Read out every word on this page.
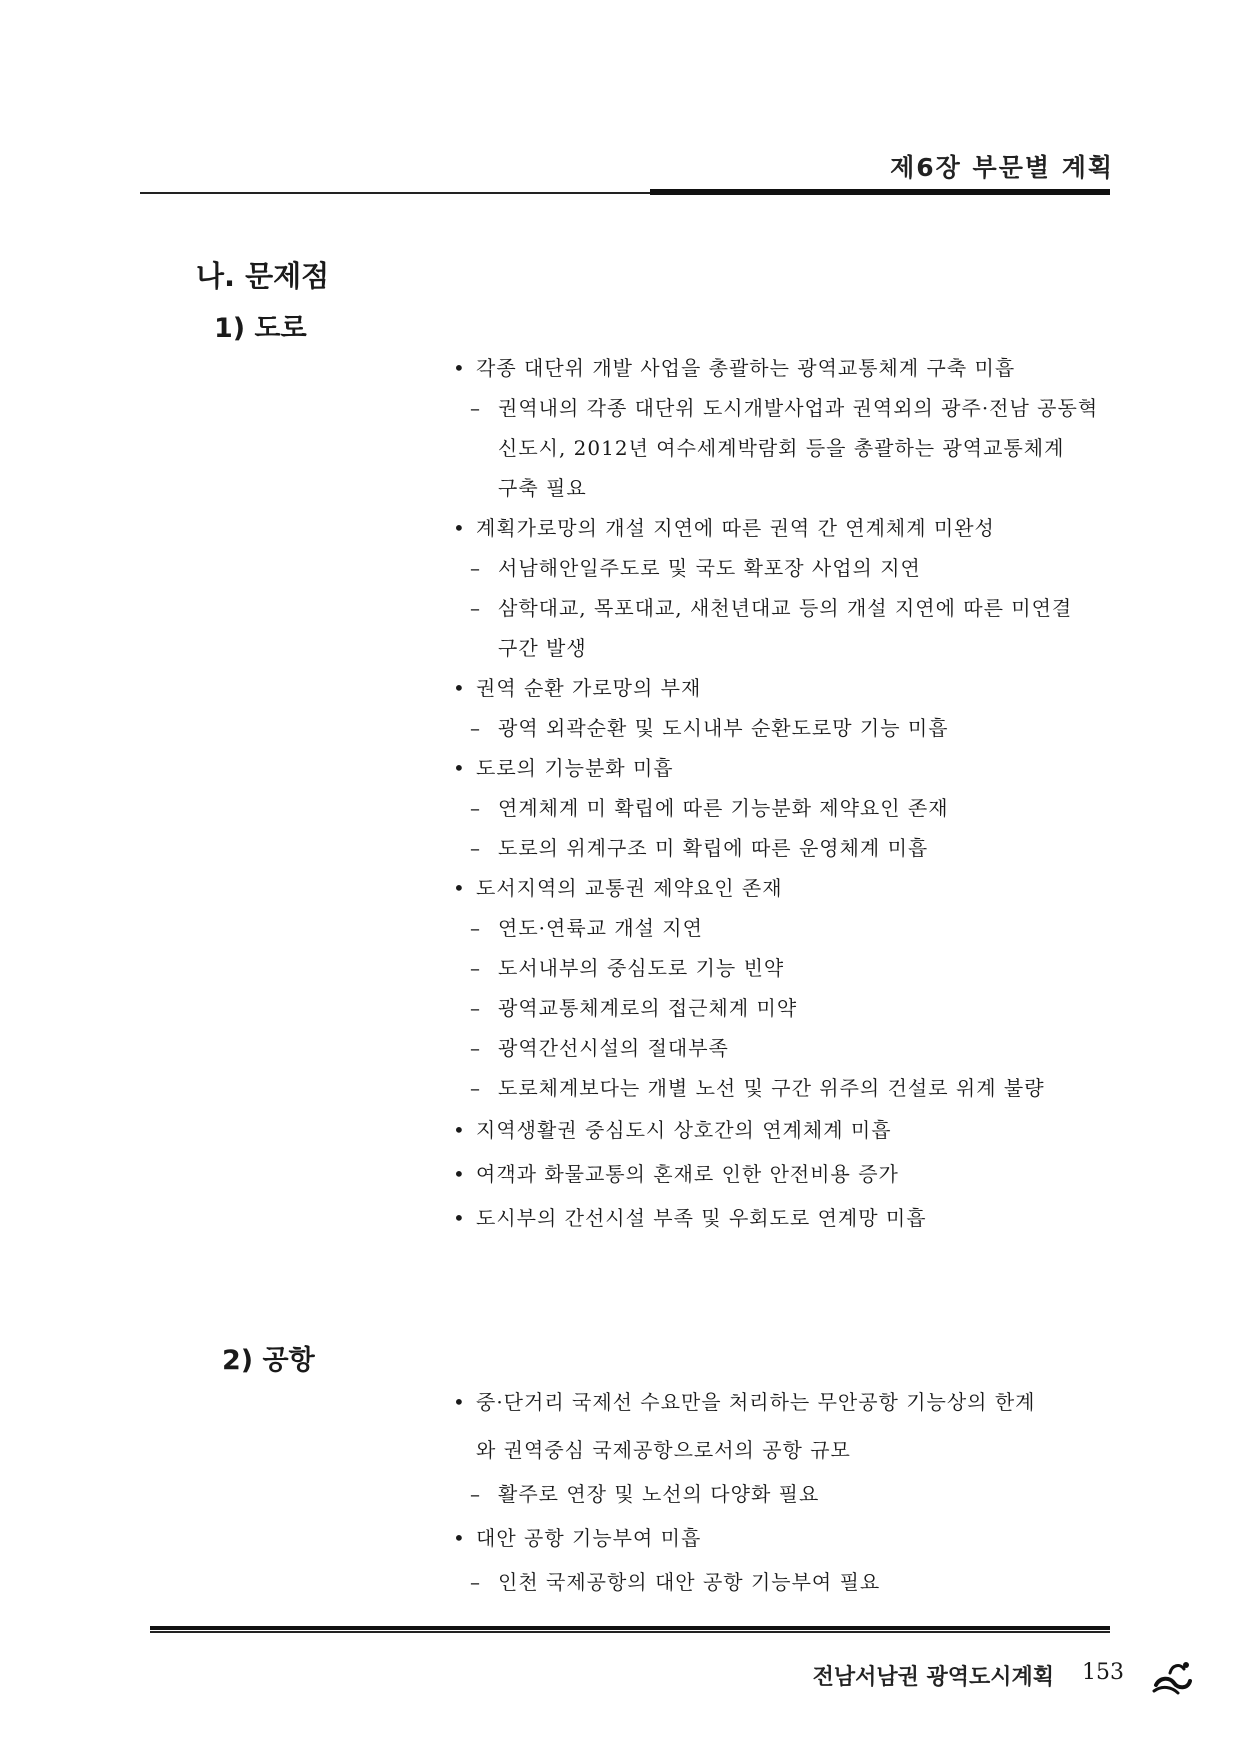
제6장 부문별 계획
나. 문제점
1) 도로
• 각종 대단위 개발 사업을 총괄하는 광역교통체계 구축 미흡
– 권역내의 각종 대단위 도시개발사업과 권역외의 광주·전남 공동혁
신도시, 2012년 여수세계박람회 등을 총괄하는 광역교통체계
구축 필요
• 계획가로망의 개설 지연에 따른 권역 간 연계체계 미완성
– 서남해안일주도로 및 국도 확포장 사업의 지연
– 삼학대교, 목포대교, 새천년대교 등의 개설 지연에 따른 미연결
구간 발생
• 권역 순환 가로망의 부재
– 광역 외곽순환 및 도시내부 순환도로망 기능 미흡
• 도로의 기능분화 미흡
– 연계체계 미 확립에 따른 기능분화 제약요인 존재
– 도로의 위계구조 미 확립에 따른 운영체계 미흡
• 도서지역의 교통권 제약요인 존재
– 연도·연륙교 개설 지연
– 도서내부의 중심도로 기능 빈약
– 광역교통체계로의 접근체계 미약
– 광역간선시설의 절대부족
– 도로체계보다는 개별 노선 및 구간 위주의 건설로 위계 불량
• 지역생활권 중심도시 상호간의 연계체계 미흡
• 여객과 화물교통의 혼재로 인한 안전비용 증가
• 도시부의 간선시설 부족 및 우회도로 연계망 미흡
2) 공항
• 중·단거리 국제선 수요만을 처리하는 무안공항 기능상의 한계
와 권역중심 국제공항으로서의 공항 규모
– 활주로 연장 및 노선의 다양화 필요
• 대안 공항 기능부여 미흡
– 인천 국제공항의 대안 공항 기능부여 필요
전남서남권 광역도시계획 153
